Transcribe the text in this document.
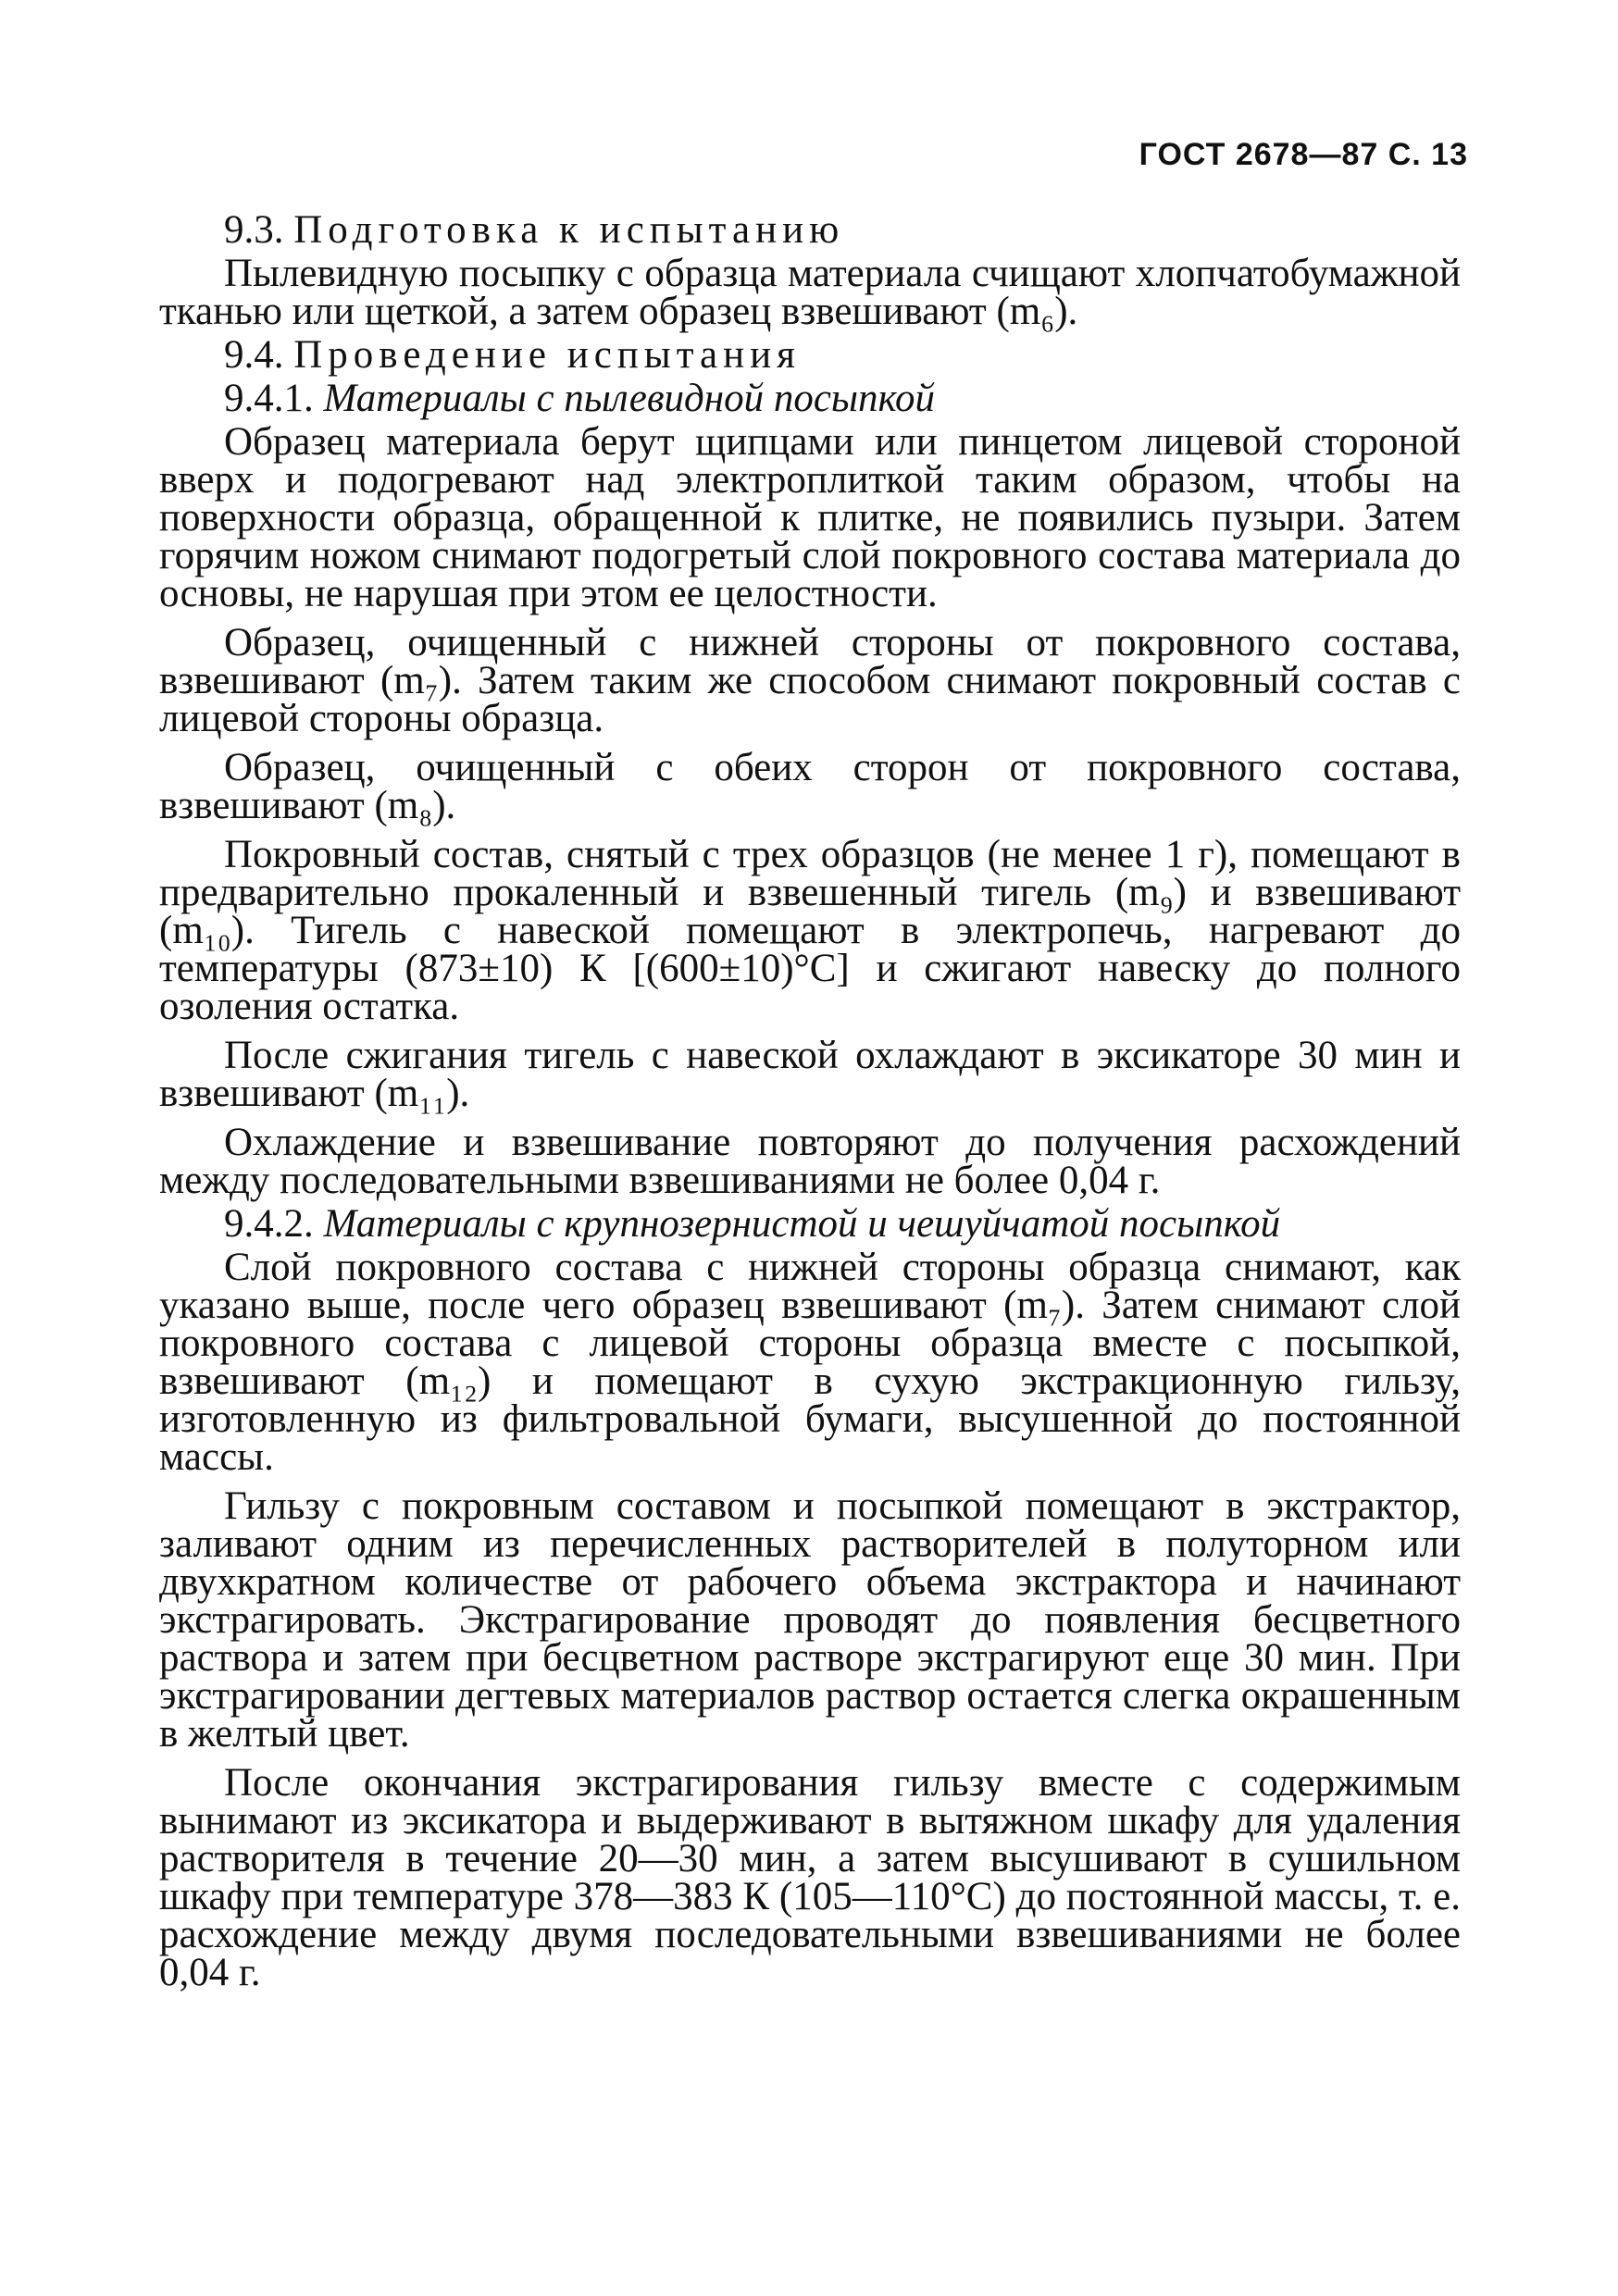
ГОСТ 2678—87 С. 13

9.3. Подготовка к испытанию

Пылевидную посыпку с образца материала счищают хлопчатобумажной тканью или щеткой, а затем образец взвешивают (m₆).

9.4. Проведение испытания

9.4.1. Материалы с пылевидной посыпкой

Образец материала берут щипцами или пинцетом лицевой стороной вверх и подогревают над электроплиткой таким образом, чтобы на поверхности образца, обращенной к плитке, не появились пузыри. Затем горячим ножом снимают подогретый слой покровного состава материала до основы, не нарушая при этом ее целостности.

Образец, очищенный с нижней стороны от покровного состава, взвешивают (m₇). Затем таким же способом снимают покровный состав с лицевой стороны образца.

Образец, очищенный с обеих сторон от покровного состава, взвешивают (m₈).

Покровный состав, снятый с трех образцов (не менее 1 г), помещают в предварительно прокаленный и взвешенный тигель (m₉) и взвешивают (m₁₀). Тигель с навеской помещают в электропечь, нагревают до температуры (873±10) К [(600±10)°С] и сжигают навеску до полного озоления остатка.

После сжигания тигель с навеской охлаждают в эксикаторе 30 мин и взвешивают (m₁₁).

Охлаждение и взвешивание повторяют до получения расхождений между последовательными взвешиваниями не более 0,04 г.

9.4.2. Материалы с крупнозернистой и чешуйчатой посыпкой

Слой покровного состава с нижней стороны образца снимают, как указано выше, после чего образец взвешивают (m₇). Затем снимают слой покровного состава с лицевой стороны образца вместе с посыпкой, взвешивают (m₁₂) и помещают в сухую экстракционную гильзу, изготовленную из фильтровальной бумаги, высушенной до постоянной массы.

Гильзу с покровным составом и посыпкой помещают в экстрактор, заливают одним из перечисленных растворителей в полуторном или двухкратном количестве от рабочего объема экстрактора и начинают экстрагировать. Экстрагирование проводят до появления бесцветного раствора и затем при бесцветном растворе экстрагируют еще 30 мин. При экстрагировании дегтевых материалов раствор остается слегка окрашенным в желтый цвет.

После окончания экстрагирования гильзу вместе с содержимым вынимают из эксикатора и выдерживают в вытяжном шкафу для удаления растворителя в течение 20—30 мин, а затем высушивают в сушильном шкафу при температуре 378—383 К (105—110°С) до постоянной массы, т. е. расхождение между двумя последовательными взвешиваниями не более 0,04 г.
